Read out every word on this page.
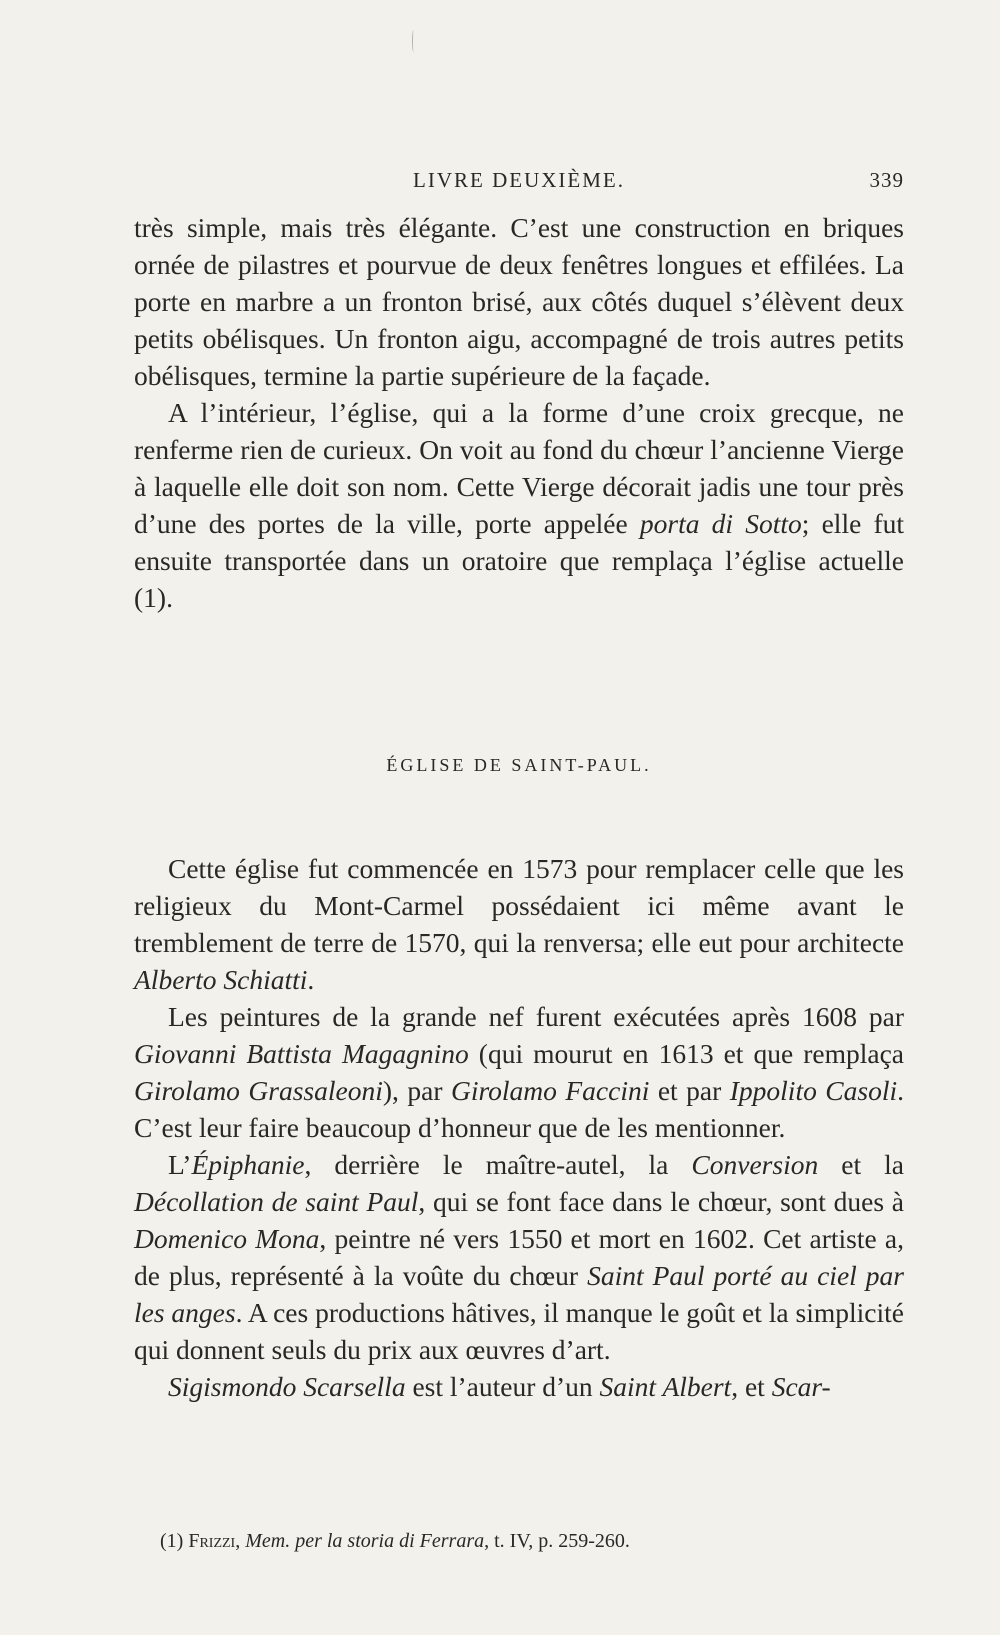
LIVRE DEUXIÈME.	339

très simple, mais très élégante. C’est une construction en briques ornée de pilastres et pourvue de deux fenêtres longues et effilées. La porte en marbre a un fronton brisé, aux côtés duquel s’élèvent deux petits obélisques. Un fronton aigu, accompagné de trois autres petits obélisques, termine la partie supérieure de la façade.

A l’intérieur, l’église, qui a la forme d’une croix grecque, ne renferme rien de curieux. On voit au fond du chœur l’ancienne Vierge à laquelle elle doit son nom. Cette Vierge décorait jadis une tour près d’une des portes de la ville, porte appelée porta di Sotto; elle fut ensuite transportée dans un oratoire que remplaça l’église actuelle (1).

ÉGLISE DE SAINT-PAUL.

Cette église fut commencée en 1573 pour remplacer celle que les religieux du Mont-Carmel possédaient ici même avant le tremblement de terre de 1570, qui la renversa; elle eut pour architecte Alberto Schiatti.

Les peintures de la grande nef furent exécutées après 1608 par Giovanni Battista Magagnino (qui mourut en 1613 et que remplaça Girolamo Grassaleoni), par Girolamo Faccini et par Ippolito Casoli. C’est leur faire beaucoup d’honneur que de les mentionner.

L’Épiphanie, derrière le maître-autel, la Conversion et la Décollation de saint Paul, qui se font face dans le chœur, sont dues à Domenico Mona, peintre né vers 1550 et mort en 1602. Cet artiste a, de plus, représenté à la voûte du chœur Saint Paul porté au ciel par les anges. A ces productions hâtives, il manque le goût et la simplicité qui donnent seuls du prix aux œuvres d’art.

Sigismondo Scarsella est l’auteur d’un Saint Albert, et Scar-

(1) Frizzi, Mem. per la storia di Ferrara, t. IV, p. 259-260.
